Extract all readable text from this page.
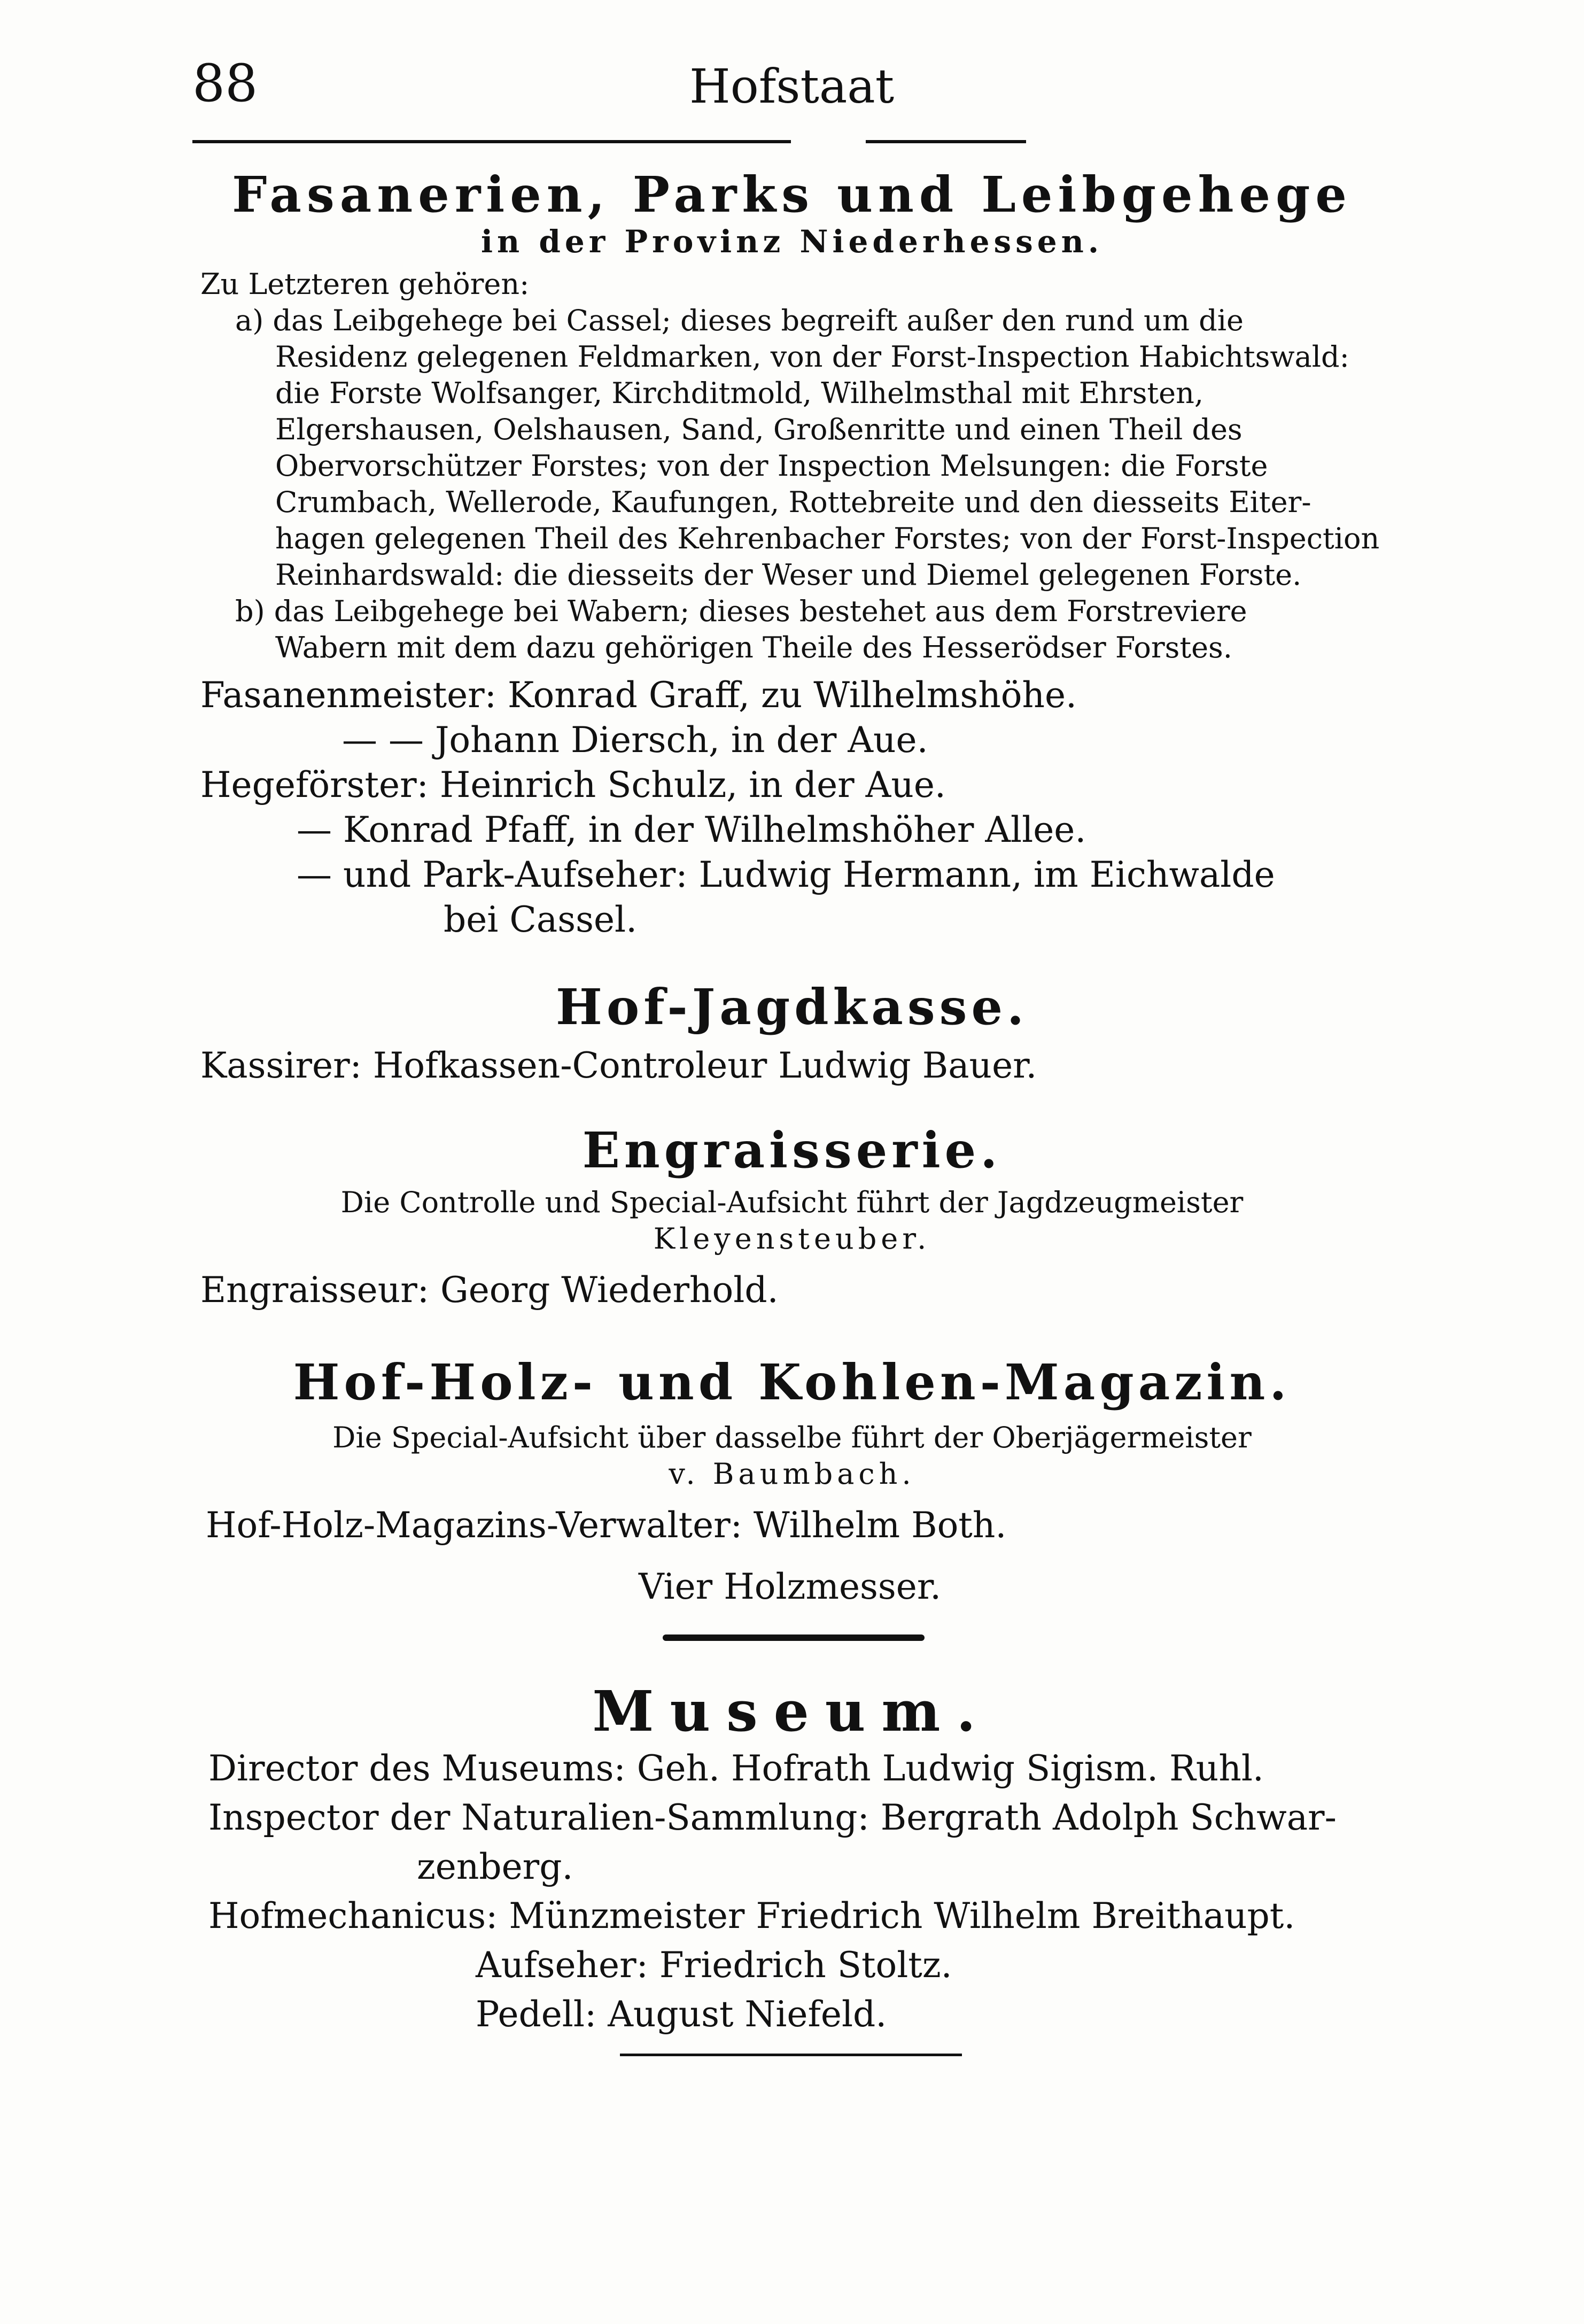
88	Hofstaat
Fasanerien, Parks und Leibgehege
in der Provinz Niederhessen.
Zu Letzteren gehören:
a) das Leibgehege bei Cassel; dieses begreift außer den rund um die
Residenz gelegenen Feldmarken, von der Forst-Inspection Habichtswald:
die Forste Wolfsanger, Kirchditmold, Wilhelmsthal mit Ehrsten,
Elgershausen, Oelshausen, Sand, Großenritte und einen Theil des
Obervorschützer Forstes; von der Inspection Melsungen: die Forste
Crumbach, Wellerode, Kaufungen, Rottebreite und den diesseits Eiter-
hagen gelegenen Theil des Kehrenbacher Forstes; von der Forst-Inspection
Reinhardswald: die diesseits der Weser und Diemel gelegenen Forste.
b) das Leibgehege bei Wabern; dieses bestehet aus dem Forstreviere
Wabern mit dem dazu gehörigen Theile des Hesserödser Forstes.
Fasanenmeister: Konrad Graff, zu Wilhelmshöhe.
— — Johann Diersch, in der Aue.
Hegeförster: Heinrich Schulz, in der Aue.
— Konrad Pfaff, in der Wilhelmshöher Allee.
— und Park-Aufseher: Ludwig Hermann, im Eichwalde
bei Cassel.
Hof-Jagdkasse.
Kassirer: Hofkassen-Controleur Ludwig Bauer.
Engraisserie.
Die Controlle und Special-Aufsicht führt der Jagdzeugmeister
Kleyensteuber.
Engraisseur: Georg Wiederhold.
Hof-Holz- und Kohlen-Magazin.
Die Special-Aufsicht über dasselbe führt der Oberjägermeister
v. Baumbach.
Hof-Holz-Magazins-Verwalter: Wilhelm Both.
Vier Holzmesser.
Museum.
Director des Museums: Geh. Hofrath Ludwig Sigism. Ruhl.
Inspector der Naturalien-Sammlung: Bergrath Adolph Schwar-
zenberg.
Hofmechanicus: Münzmeister Friedrich Wilhelm Breithaupt.
Aufseher: Friedrich Stoltz.
Pedell: August Niefeld.
